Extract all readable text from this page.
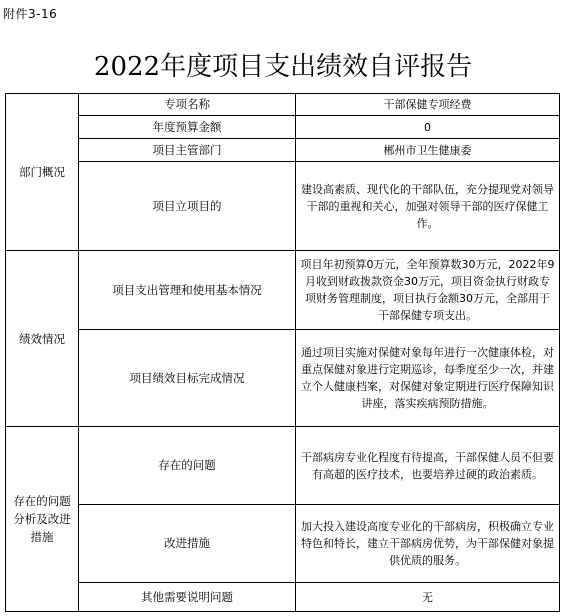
附件3-16
2022年度项目支出绩效自评报告
部门概况	专项名称	干部保健专项经费
	年度预算金额	0
	项目主管部门	郴州市卫生健康委
	项目立项目的	建设高素质、现代化的干部队伍，充分提现党对领导干部的重视和关心，加强对领导干部的医疗保健工作。
绩效情况	项目支出管理和使用基本情况	项目年初预算0万元，全年预算数30万元，2022年9月收到财政拨款资金30万元，项目资金执行财政专项财务管理制度，项目执行金额30万元，全部用于干部保健专项支出。
	项目绩效目标完成情况	通过项目实施对保健对象每年进行一次健康体检，对重点保健对象进行定期巡诊，每季度至少一次，并建立个人健康档案，对保健对象定期进行医疗保障知识讲座，落实疾病预防措施。
存在的问题分析及改进措施	存在的问题	干部病房专业化程度有待提高，干部保健人员不但要有高超的医疗技术，也要培养过硬的政治素质。
	改进措施	加大投入建设高度专业化的干部病房，积极确立专业特色和特长，建立干部病房优势，为干部保健对象提供优质的服务。
	其他需要说明问题	无
